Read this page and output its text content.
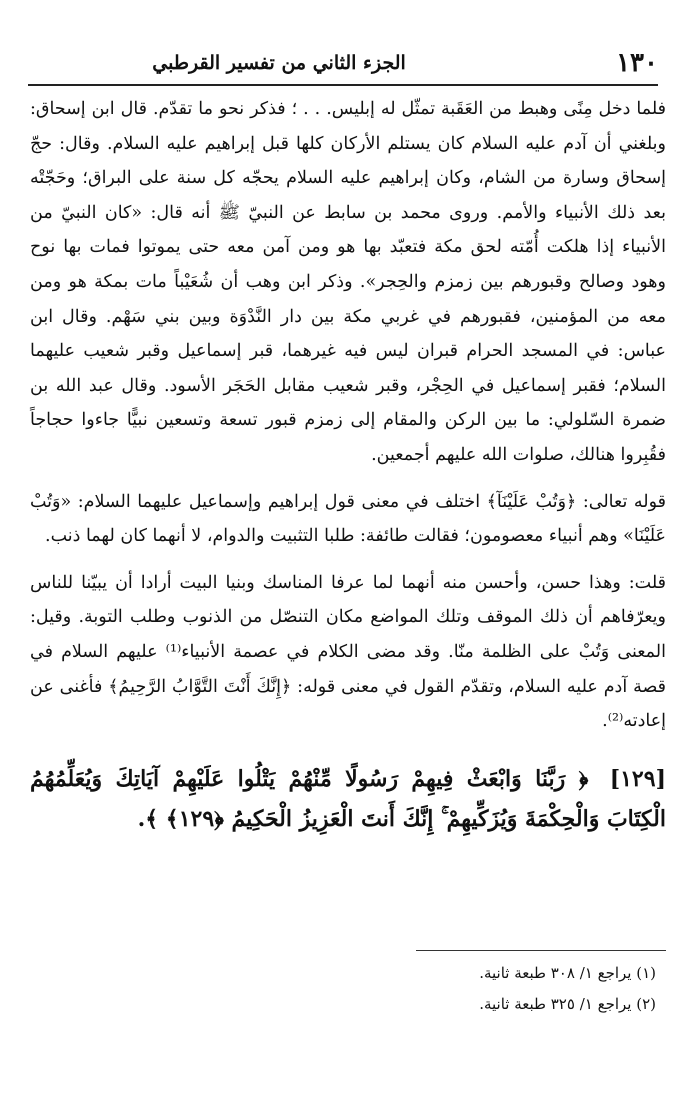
١٣٠
الجزء الثاني من تفسير القرطبي

فلما دخل مِنًى وهبط من العَقَبة تمثّل له إبليس. . . ؛ فذكر نحو ما تقدّم. قال ابن إسحاق: وبلغني أن آدم عليه السلام كان يستلم الأركان كلها قبل إبراهيم عليه السلام. وقال: حجّ إسحاق وسارة من الشام، وكان إبراهيم عليه السلام يحجّه كل سنة على البراق؛ وحَجّتْه بعد ذلك الأنبياء والأمم. وروى محمد بن سابط عن النبيّ ﷺ أنه قال: «كان النبيّ من الأنبياء إذا هلكت أُمّته لحق مكة فتعبّد بها هو ومن آمن معه حتى يموتوا فمات بها نوح وهود وصالح وقبورهم بين زمزم والحِجر». وذكر ابن وهب أن شُعَيْباً مات بمكة هو ومن معه من المؤمنين، فقبورهم في غربي مكة بين دار النَّدْوَة وبين بني سَهْم. وقال ابن عباس: في المسجد الحرام قبران ليس فيه غيرهما، قبر إسماعيل وقبر شعيب عليهما السلام؛ فقبر إسماعيل في الحِجْر، وقبر شعيب مقابل الحَجَر الأسود. وقال عبد الله بن ضمرة السّلولي: ما بين الركن والمقام إلى زمزم قبور تسعة وتسعين نبيًّا جاءوا حجاجاً فقُبِروا هنالك، صلوات الله عليهم أجمعين.

قوله تعالى: ﴿وَتُبْ عَلَيْنَآ﴾ اختلف في معنى قول إبراهيم وإسماعيل عليهما السلام: «وَتُبْ عَلَيْنَا» وهم أنبياء معصومون؛ فقالت طائفة: طلبا التثبيت والدوام، لا أنهما كان لهما ذنب.

قلت: وهذا حسن، وأحسن منه أنهما لما عرفا المناسك وبنيا البيت أرادا أن يبيّنا للناس ويعرّفاهم أن ذلك الموقف وتلك المواضع مكان التنصّل من الذنوب وطلب التوبة. وقيل: المعنى وَتُبْ على الظلمة منّا. وقد مضى الكلام في عصمة الأنبياء⁽¹⁾ عليهم السلام في قصة آدم عليه السلام، وتقدّم القول في معنى قوله: ﴿إِنَّكَ أَنْتَ التَّوَّابُ الرَّحِيمُ﴾ فأغنى عن إعادته⁽²⁾.

[١٢٩] ﴿ رَبَّنَا وَابْعَثْ فِيهِمْ رَسُولًا مِّنْهُمْ يَتْلُوا عَلَيْهِمْ آيَاتِكَ وَيُعَلِّمُهُمُ الْكِتَابَ وَالْحِكْمَةَ وَيُزَكِّيهِمْ ۚ إِنَّكَ أَنتَ الْعَزِيزُ الْحَكِيمُ ﴿١٢٩﴾ ﴾.

(١) يراجع ١/ ٣٠٨ طبعة ثانية.

(٢) يراجع ١/ ٣٢٥ طبعة ثانية.
